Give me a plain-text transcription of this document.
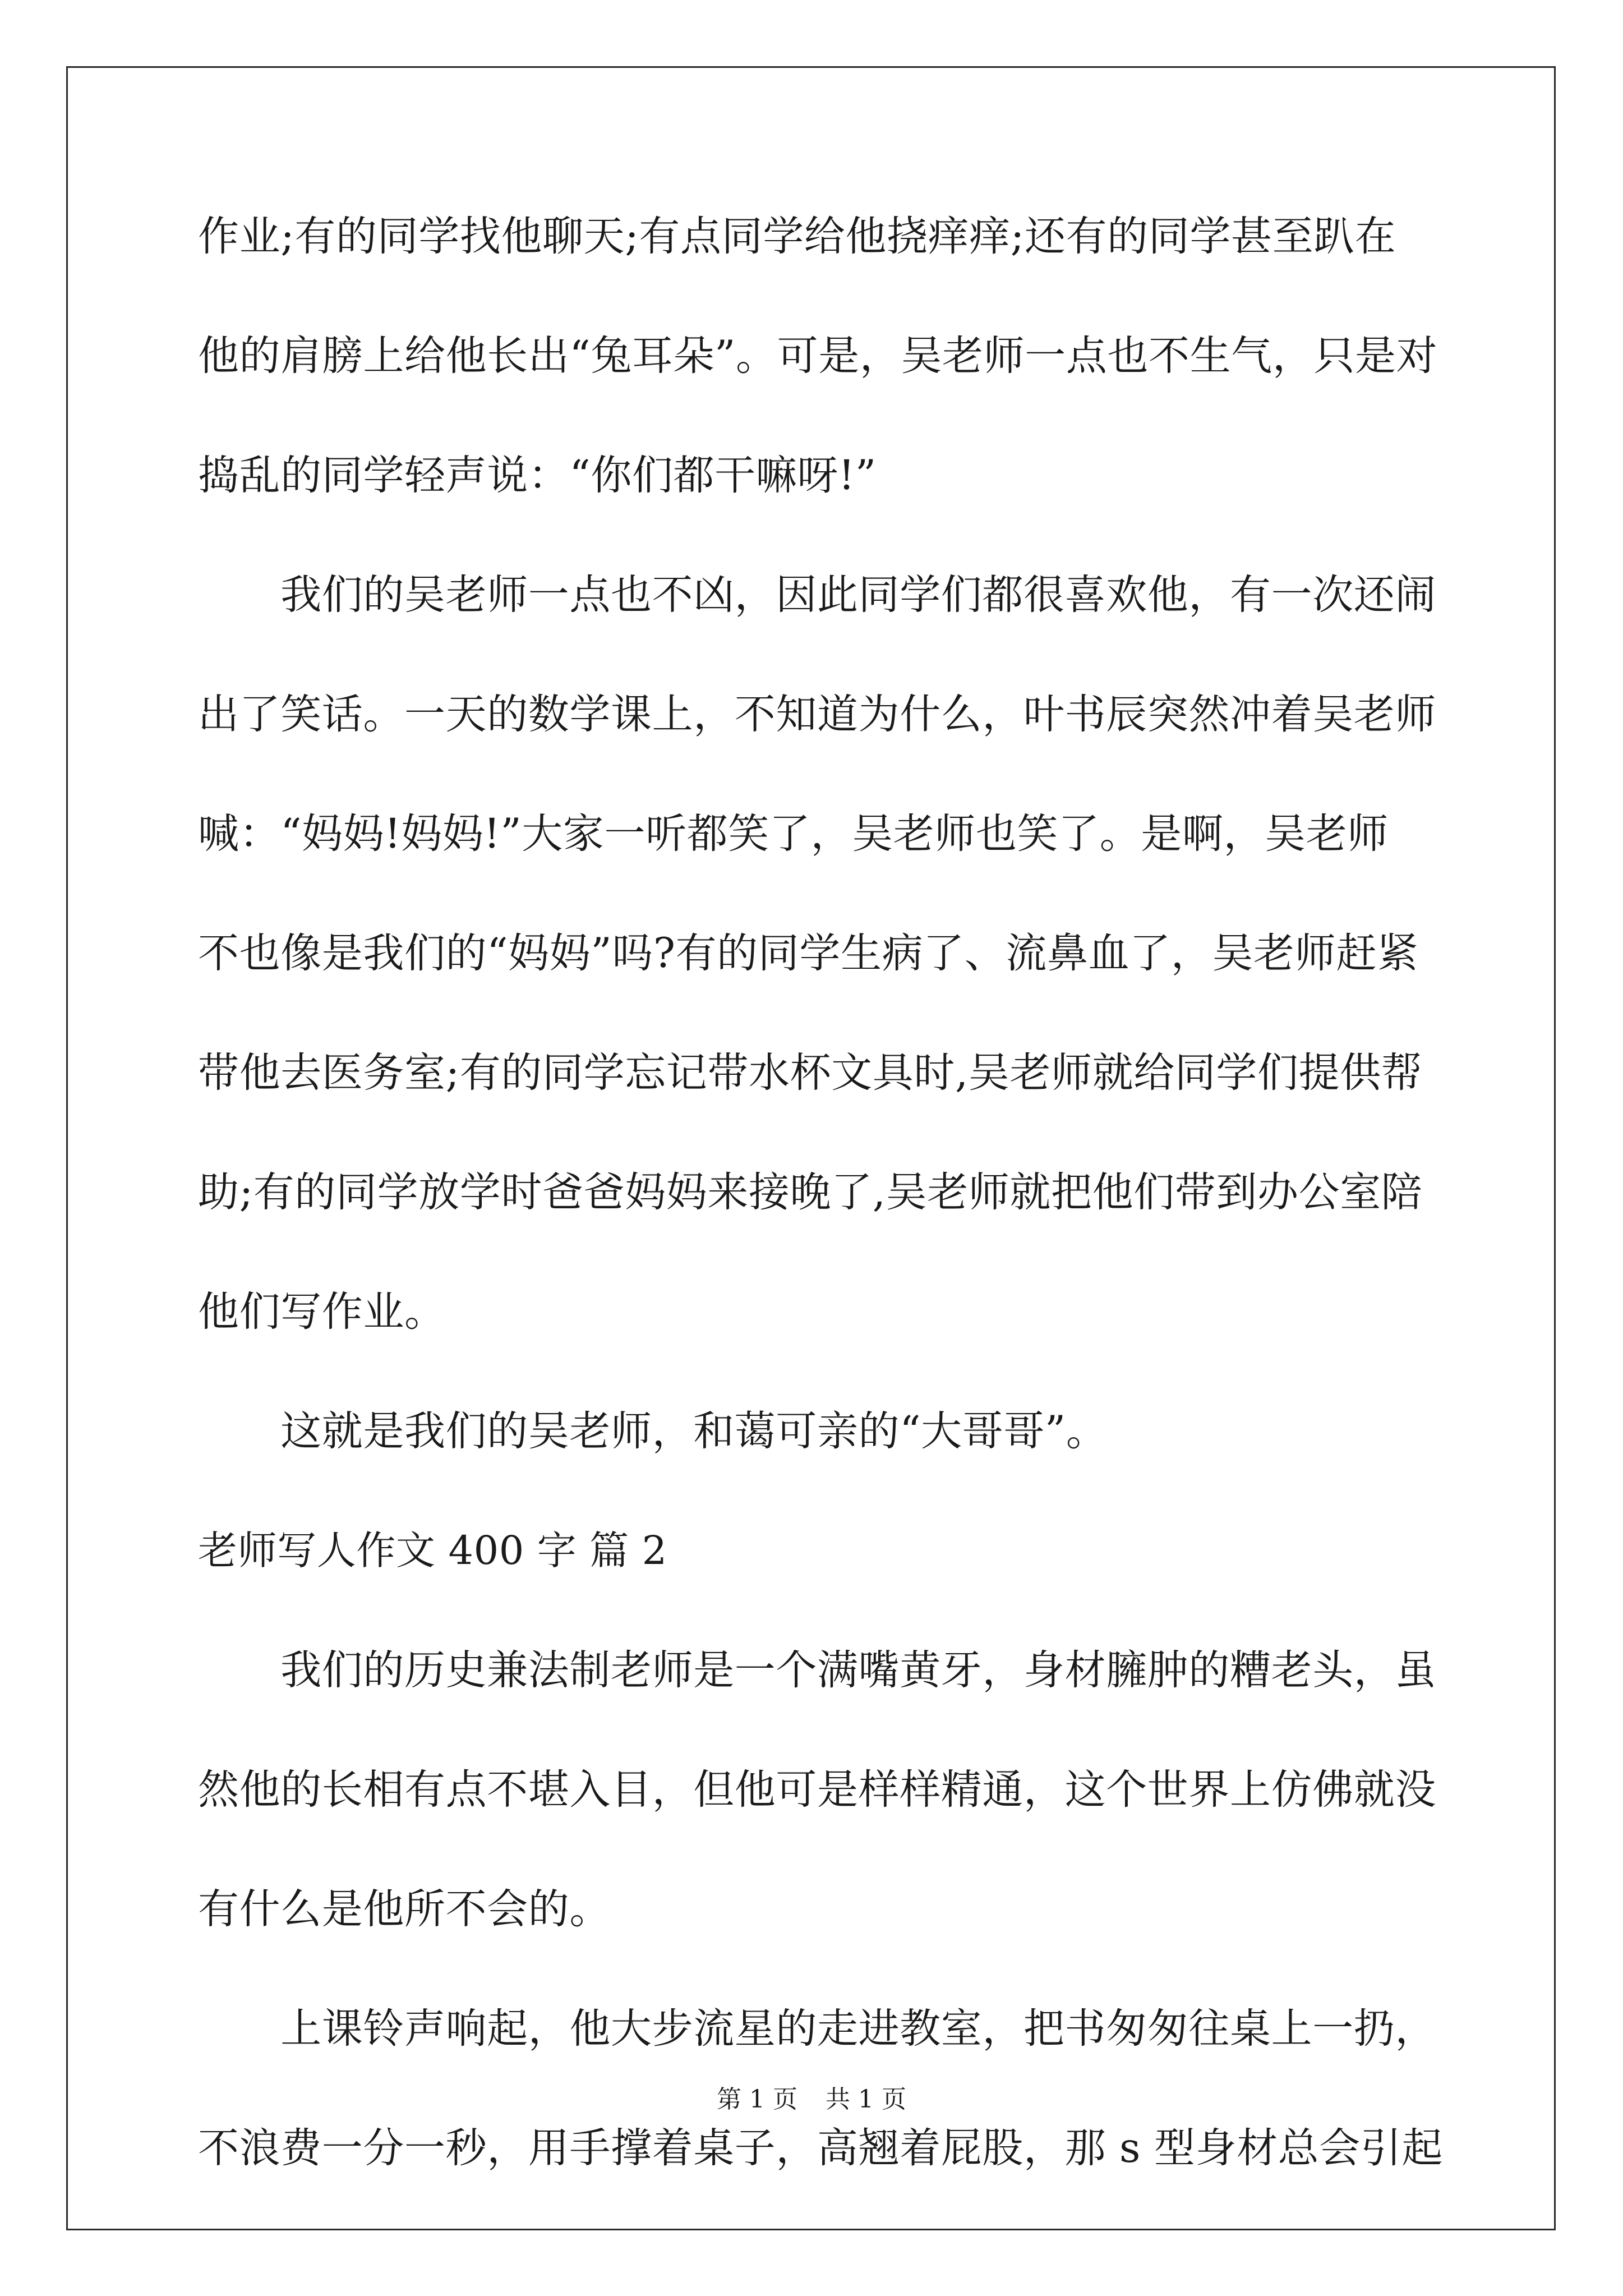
作业;有的同学找他聊天;有点同学给他挠痒痒;还有的同学甚至趴在
他的肩膀上给他长出“兔耳朵”。可是，吴老师一点也不生气，只是对
捣乱的同学轻声说：“你们都干嘛呀!”
　　我们的吴老师一点也不凶，因此同学们都很喜欢他，有一次还闹
出了笑话。一天的数学课上，不知道为什么，叶书辰突然冲着吴老师
喊：“妈妈!妈妈!”大家一听都笑了，吴老师也笑了。是啊，吴老师
不也像是我们的“妈妈”吗?有的同学生病了、流鼻血了，吴老师赶紧
带他去医务室;有的同学忘记带水杯文具时,吴老师就给同学们提供帮
助;有的同学放学时爸爸妈妈来接晚了,吴老师就把他们带到办公室陪
他们写作业。
　　这就是我们的吴老师，和蔼可亲的“大哥哥”。
老师写人作文 400 字 篇 2
　　我们的历史兼法制老师是一个满嘴黄牙，身材臃肿的糟老头，虽
然他的长相有点不堪入目，但他可是样样精通，这个世界上仿佛就没
有什么是他所不会的。
　　上课铃声响起，他大步流星的走进教室，把书匆匆往桌上一扔，
不浪费一分一秒，用手撑着桌子，高翘着屁股，那 s 型身材总会引起
第 1 页 共 1 页
